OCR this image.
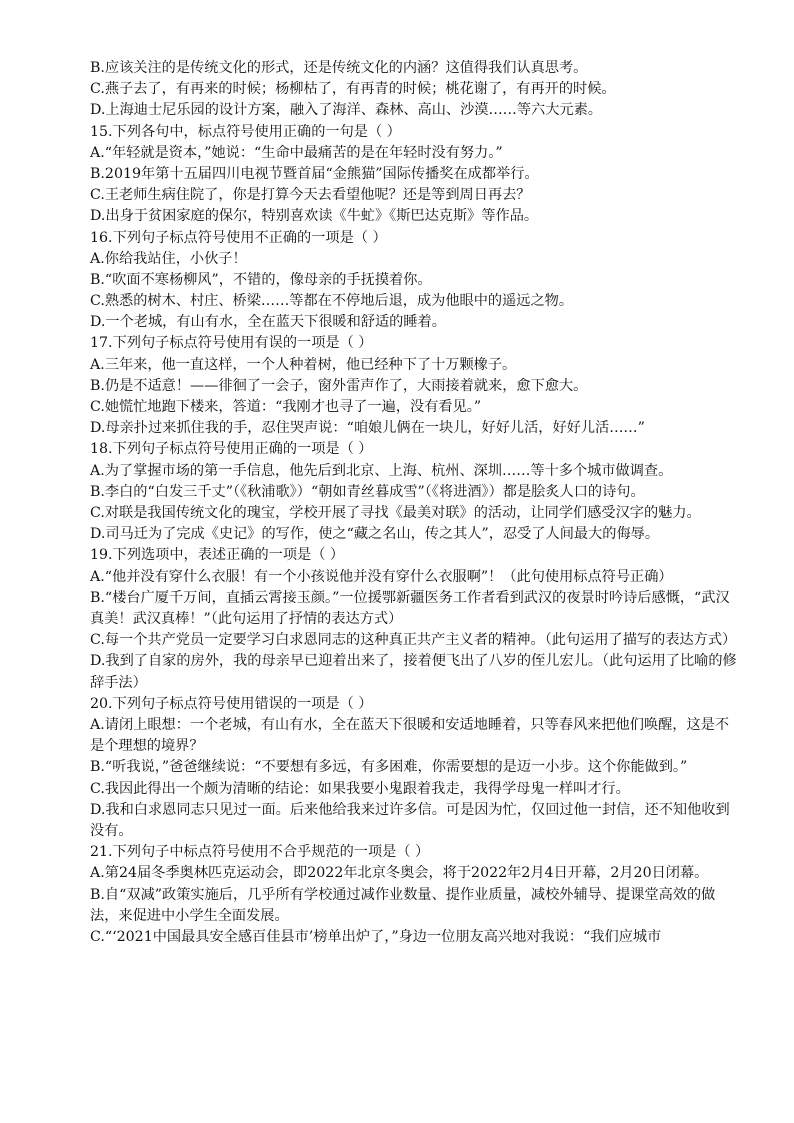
B.应该关注的是传统文化的形式，还是传统文化的内涵？这值得我们认真思考。
C.燕子去了，有再来的时候；杨柳枯了，有再青的时候；桃花谢了，有再开的时候。
D.上海迪士尼乐园的设计方案，融入了海洋、森林、高山、沙漠……等六大元素。
15.下列各句中，标点符号使用正确的一句是（ ）
A.“年轻就是资本，”她说：“生命中最痛苦的是在年轻时没有努力。”
B.2019年第十五届四川电视节暨首届“金熊猫”国际传播奖在成都举行。
C.王老师生病住院了，你是打算今天去看望他呢？还是等到周日再去？
D.出身于贫困家庭的保尔，特别喜欢读《牛虻》《斯巴达克斯》等作品。
16.下列句子标点符号使用不正确的一项是（ ）
A.你给我站住，小伙子！
B.“吹面不寒杨柳风”，不错的，像母亲的手抚摸着你。
C.熟悉的树木、村庄、桥梁……等都在不停地后退，成为他眼中的遥远之物。
D.一个老城，有山有水，全在蓝天下很暖和舒适的睡着。
17.下列句子标点符号使用有误的一项是（ ）
A.三年来，他一直这样，一个人种着树，他已经种下了十万颗橡子。
B.仍是不适意！——徘徊了一会子，窗外雷声作了，大雨接着就来，愈下愈大。
C.她慌忙地跑下楼来，答道：“我刚才也寻了一遍，没有看见。”
D.母亲扑过来抓住我的手，忍住哭声说：“咱娘儿俩在一块儿，好好儿活，好好儿活……”
18.下列句子标点符号使用正确的一项是（ ）
A.为了掌握市场的第一手信息，他先后到北京、上海、杭州、深圳……等十多个城市做调查。
B.李白的“白发三千丈”（《秋浦歌》）“朝如青丝暮成雪”（《将进酒》）都是脍炙人口的诗句。
C.对联是我国传统文化的瑰宝，学校开展了寻找《最美对联》的活动，让同学们感受汉字的魅力。
D.司马迁为了完成《史记》的写作，使之“藏之名山，传之其人”，忍受了人间最大的侮辱。
19.下列选项中，表述正确的一项是（ ）
A.“他并没有穿什么衣服！有一个小孩说他并没有穿什么衣服啊”！（此句使用标点符号正确）
B.“楼台广厦千万间，直插云霄接玉颜。”一位援鄂新疆医务工作者看到武汉的夜景时吟诗后感慨，“武汉真美！武汉真棒！”（此句运用了抒情的表达方式）
C.每一个共产党员一定要学习白求恩同志的这种真正共产主义者的精神。（此句运用了描写的表达方式）
D.我到了自家的房外，我的母亲早已迎着出来了，接着便飞出了八岁的侄儿宏儿。（此句运用了比喻的修辞手法）
20.下列句子标点符号使用错误的一项是（ ）
A.请闭上眼想：一个老城，有山有水，全在蓝天下很暖和安适地睡着，只等春风来把他们唤醒，这是不是个理想的境界？
B.“听我说，”爸爸继续说：“不要想有多远，有多困难，你需要想的是迈一小步。这个你能做到。”
C.我因此得出一个颇为清晰的结论：如果我要小鬼跟着我走，我得学母鬼一样叫才行。
D.我和白求恩同志只见过一面。后来他给我来过许多信。可是因为忙，仅回过他一封信，还不知他收到没有。
21.下列句子中标点符号使用不合乎规范的一项是（ ）
A.第24届冬季奥林匹克运动会，即2022年北京冬奥会，将于2022年2月4日开幕，2月20日闭幕。
B.自“双减”政策实施后，几乎所有学校通过减作业数量、提作业质量，减校外辅导、提课堂高效的做法，来促进中小学生全面发展。
C.“‘2021中国最具安全感百佳县市’榜单出炉了，”身边一位朋友高兴地对我说：“我们应城市
